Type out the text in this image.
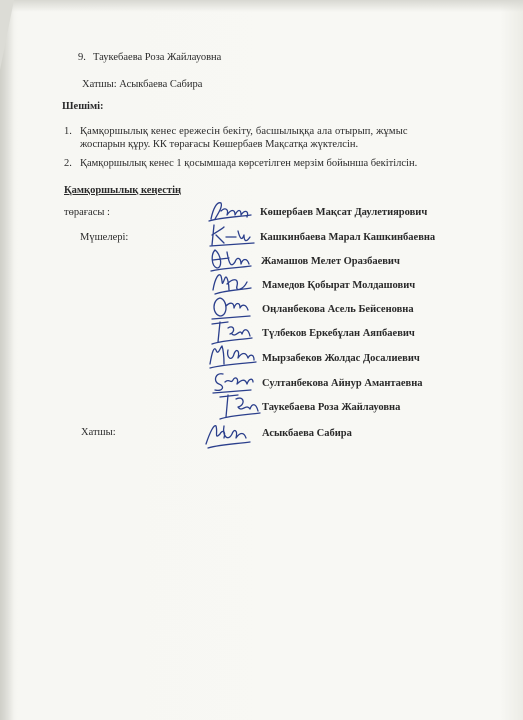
9. Таукебаева Роза Жайлауовна
Хатшы: Асыкбаева Сабира
Шешімі:
1. Қамқоршылық кенес ережесін бекіту, басшылыққа ала отырып, жұмыс
жоспарын құру. КК төрағасы Көшербаев Мақсатқа жүктелсін.
2. Қамқоршылық кенес 1 қосымшада көрсетілген мерзім бойынша бекітілсін.
Қамқоршылық кеңестің
төрағасы :
Мүшелері:
Хатшы:
Көшербаев Мақсат Даулетиярович
Кашкинбаева Марал Кашкинбаевна
Жамашов Мелет Оразбаевич
Мамедов Қобырат Молдашович
Оңланбекова Асель Бейсеновна
Түлбеков Еркебұлан Аяпбаевич
Мырзабеков Жолдас Досалиевич
Султанбекова Айнур Амантаевна
Таукебаева Роза Жайлауовна
Асыкбаева Сабира
